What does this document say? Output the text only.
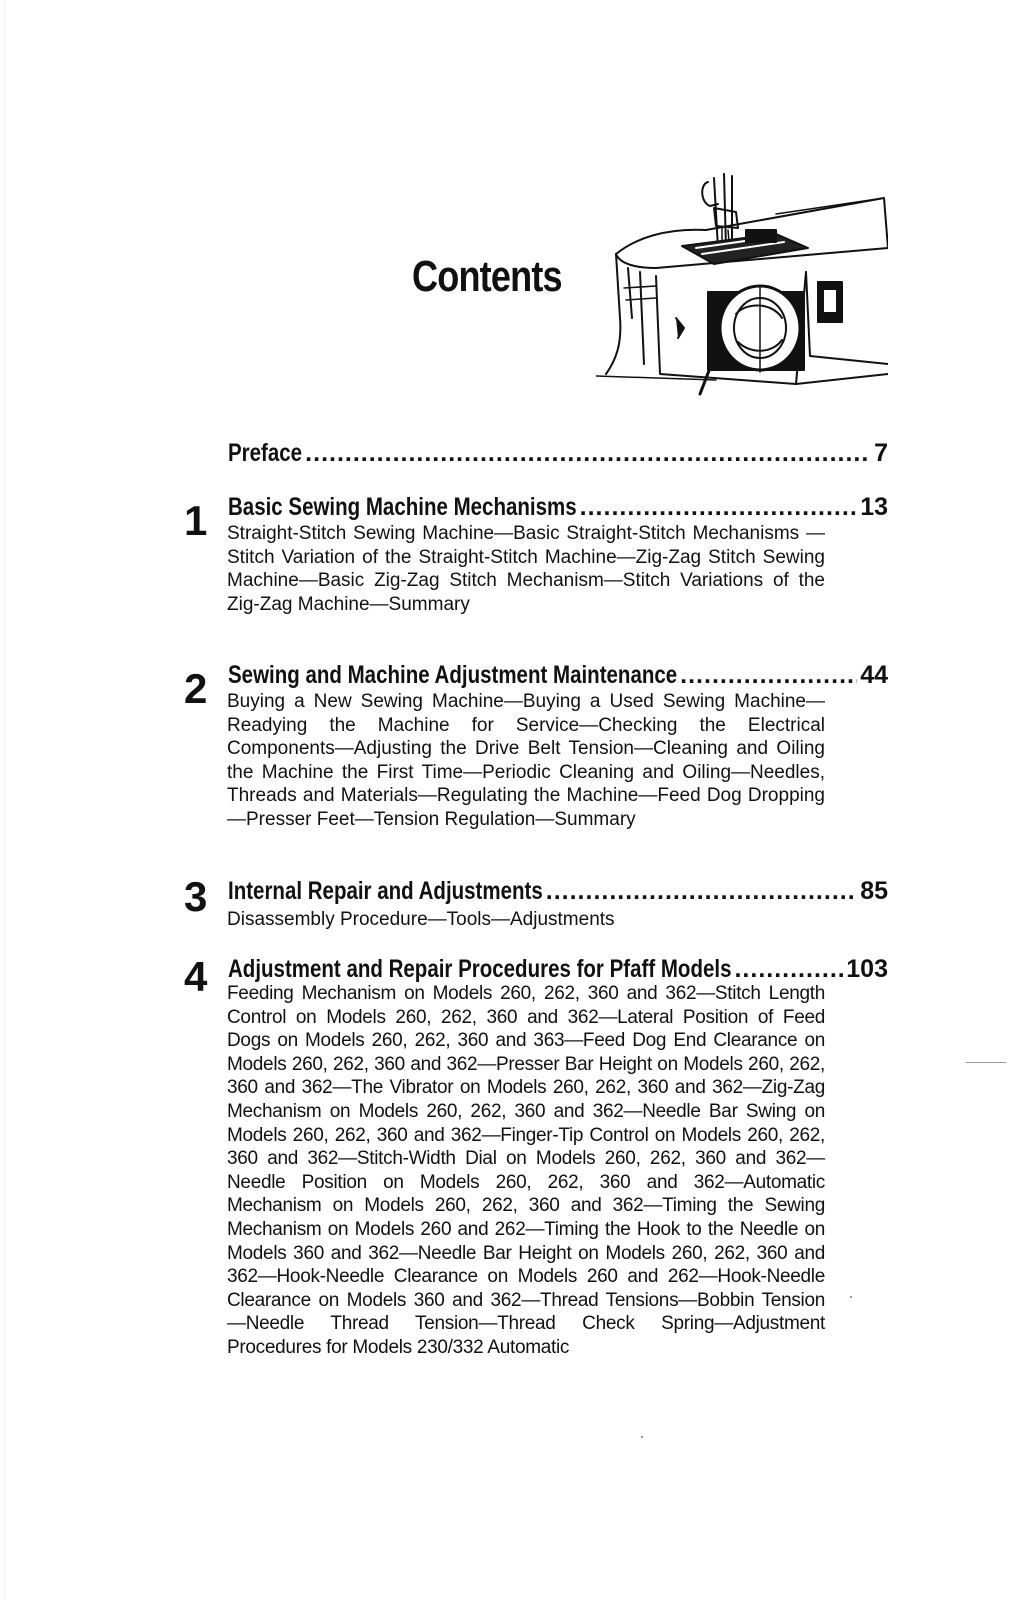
Contents
Preface .....	7
1 Basic Sewing Machine Mechanisms .....	13
Straight-Stitch Sewing Machine—Basic Straight-Stitch Mechanisms —Stitch Variation of the Straight-Stitch Machine—Zig-Zag Stitch Sewing Machine—Basic Zig-Zag Stitch Mechanism—Stitch Variations of the Zig-Zag Machine—Summary
2 Sewing and Machine Adjustment Maintenance .....	44
Buying a New Sewing Machine—Buying a Used Sewing Machine—Readying the Machine for Service—Checking the Electrical Components—Adjusting the Drive Belt Tension—Cleaning and Oiling the Machine the First Time—Periodic Cleaning and Oiling—Needles, Threads and Materials—Regulating the Machine—Feed Dog Dropping—Presser Feet—Tension Regulation—Summary
3 Internal Repair and Adjustments .....	85
Disassembly Procedure—Tools—Adjustments
4 Adjustment and Repair Procedures for Pfaff Models .....	103
Feeding Mechanism on Models 260, 262, 360 and 362—Stitch Length Control on Models 260, 262, 360 and 362—Lateral Position of Feed Dogs on Models 260, 262, 360 and 363—Feed Dog End Clearance on Models 260, 262, 360 and 362—Presser Bar Height on Models 260, 262, 360 and 362—The Vibrator on Models 260, 262, 360 and 362—Zig-Zag Mechanism on Models 260, 262, 360 and 362—Needle Bar Swing on Models 260, 262, 360 and 362—Finger-Tip Control on Models 260, 262, 360 and 362—Stitch-Width Dial on Models 260, 262, 360 and 362—Needle Position on Models 260, 262, 360 and 362—Automatic Mechanism on Models 260, 262, 360 and 362—Timing the Sewing Mechanism on Models 260 and 262—Timing the Hook to the Needle on Models 360 and 362—Needle Bar Height on Models 260, 262, 360 and 362—Hook-Needle Clearance on Models 260 and 262—Hook-Needle Clearance on Models 360 and 362—Thread Tensions—Bobbin Tension—Needle Thread Tension—Thread Check Spring—Adjustment Procedures for Models 230/332 Automatic
